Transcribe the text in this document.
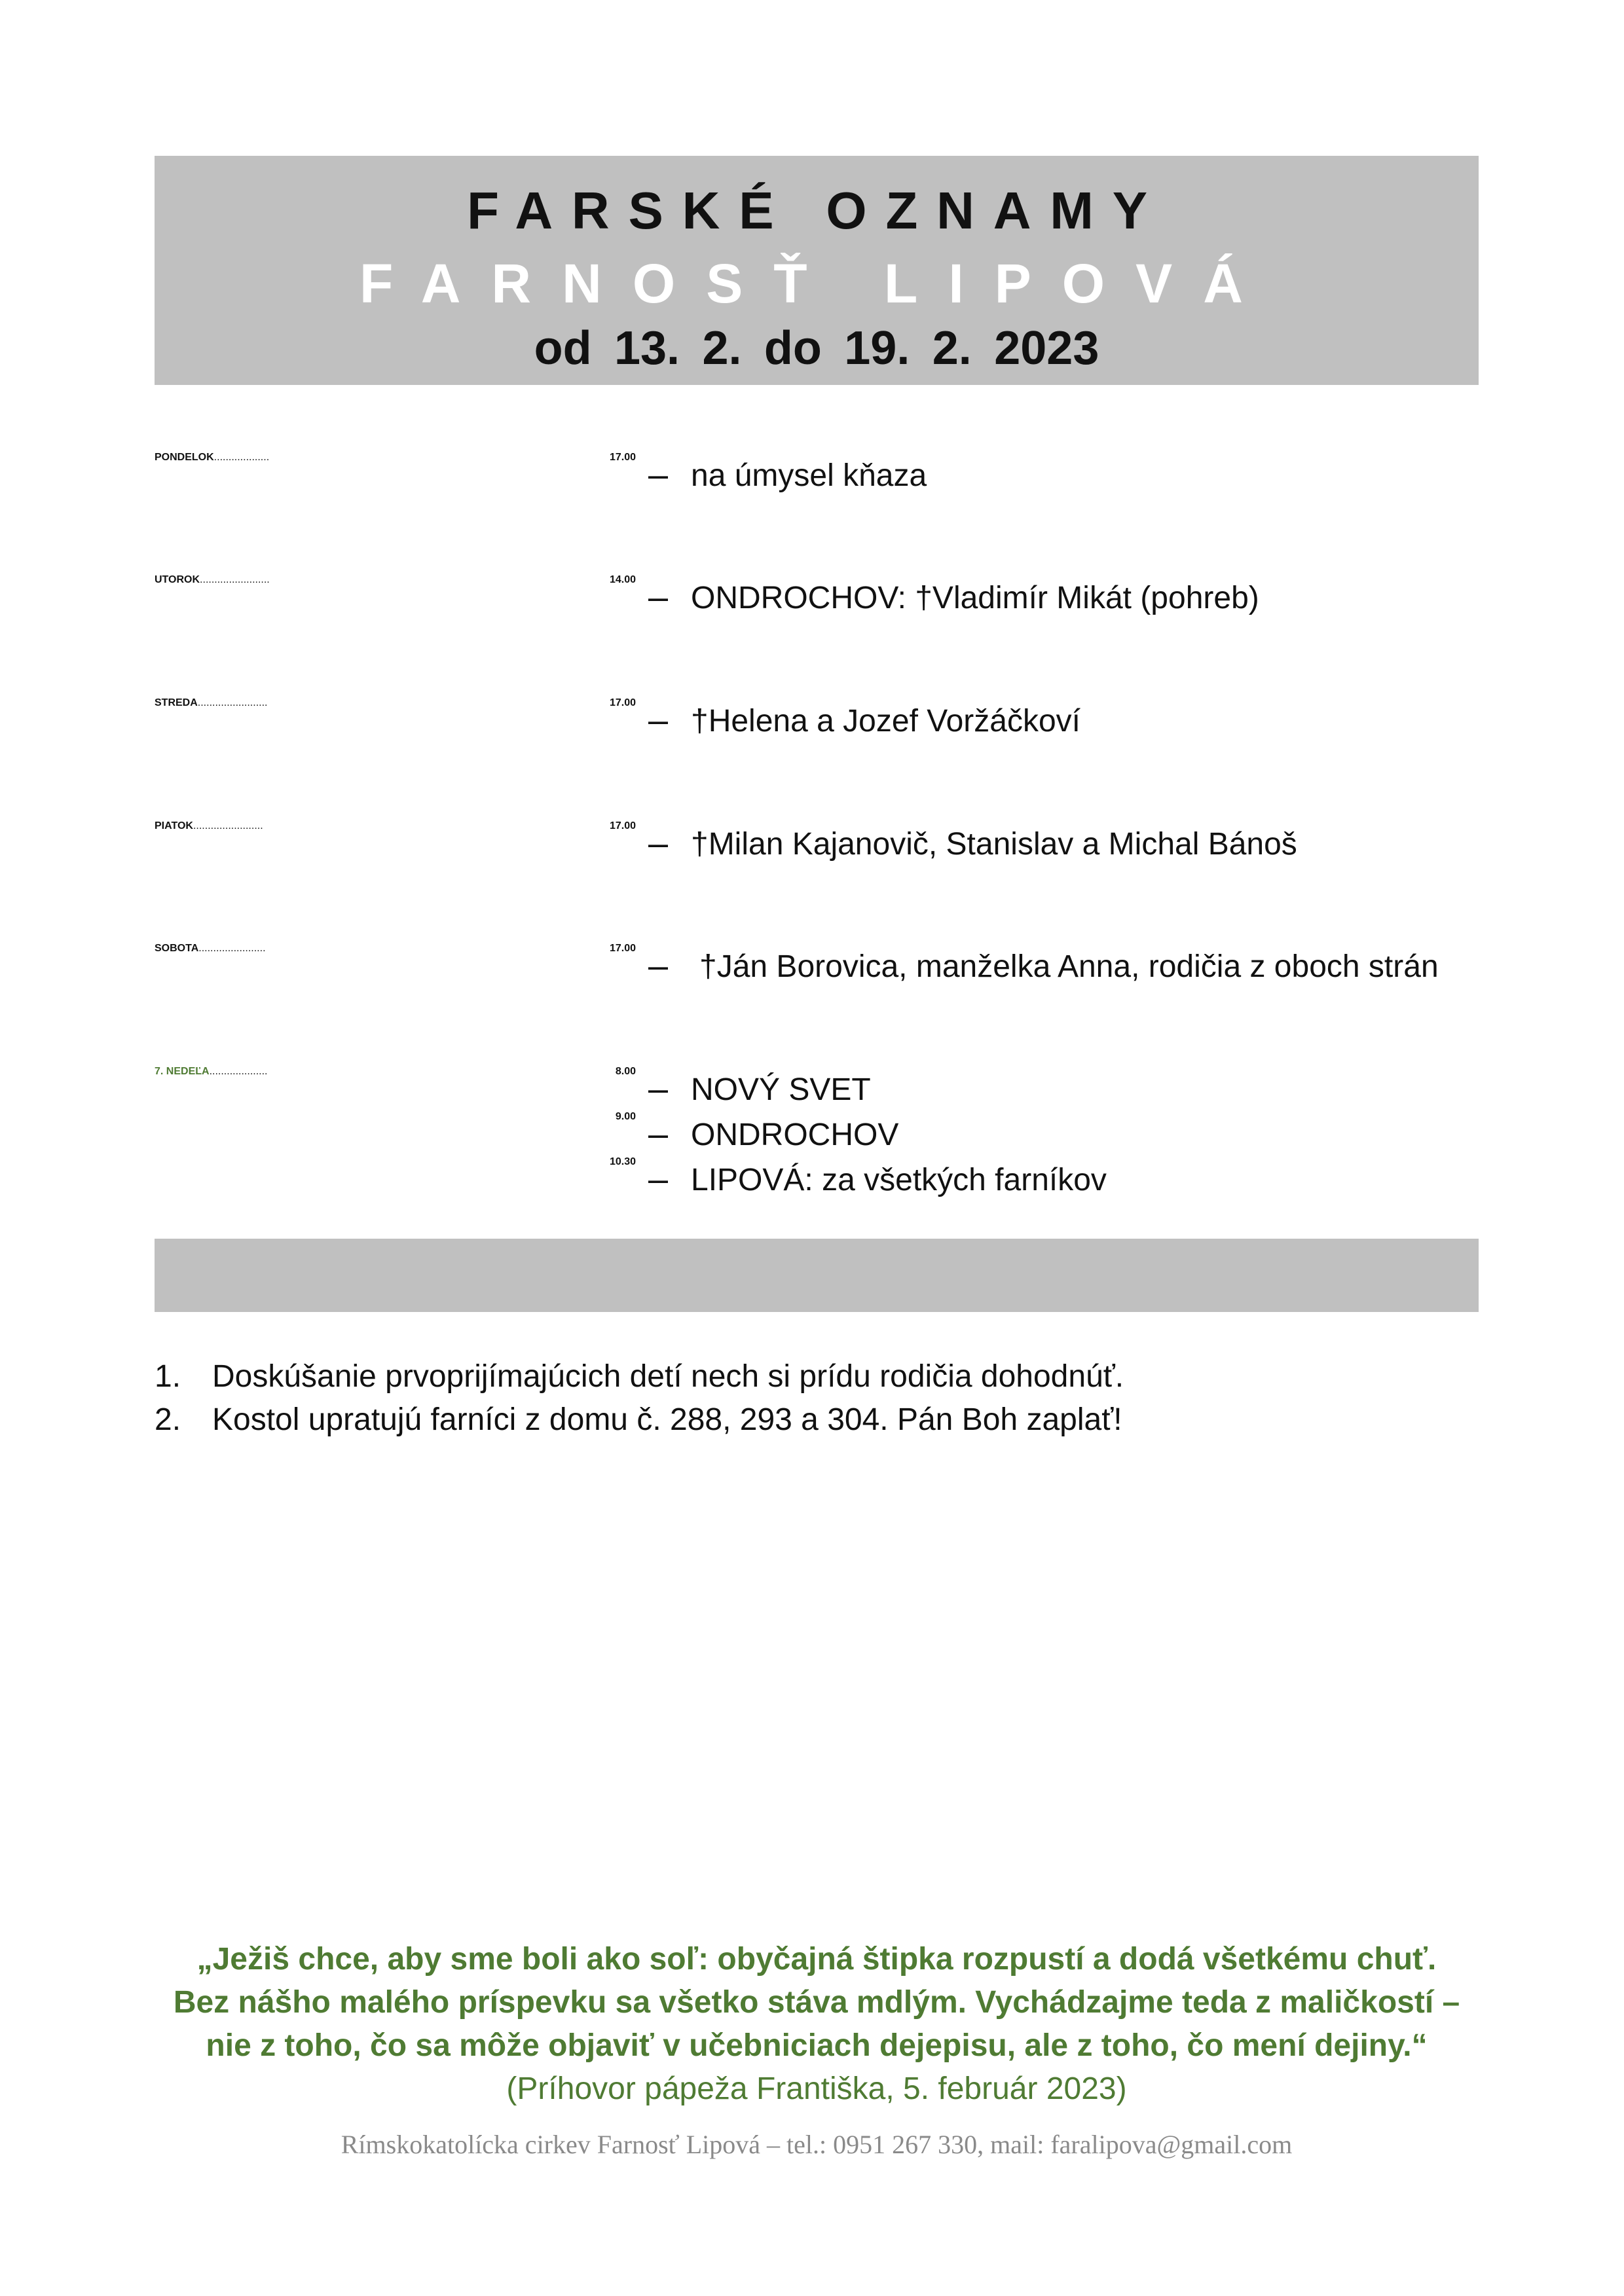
FARSKÉ OZNAMY
FARNOSŤ LIPOVÁ
od 13. 2. do 19. 2. 2023
PONDELOK...................	17.00 – na úmysel kňaza
UTOROK........................	14.00 – ONDROCHOV: †Vladimír Mikát (pohreb)
STREDA........................	17.00 – †Helena a Jozef Voržáčkoví
PIATOK........................	17.00 – †Milan Kajanovič, Stanislav a Michal Bánoš
SOBOTA.......................	17.00 – †Ján Borovica, manželka Anna, rodičia z oboch strán
7. NEDEĽA....................	8.00 – NOVÝ SVET
9.00 – ONDROCHOV
10.30 – LIPOVÁ: za všetkých farníkov
1. Doskúšanie prvoprijímajúcich detí nech si prídu rodičia dohodnúť.
2. Kostol upratujú farníci z domu č. 288, 293 a 304. Pán Boh zaplať!
„Ježiš chce, aby sme boli ako soľ: obyčajná štipka rozpustí a dodá všetkému chuť.
Bez nášho malého príspevku sa všetko stáva mdlým. Vychádzajme teda z maličkostí –
nie z toho, čo sa môže objaviť v učebniciach dejepisu, ale z toho, čo mení dejiny.“
(Príhovor pápeža Františka, 5. február 2023)
Rímskokatolícka cirkev Farnosť Lipová – tel.: 0951 267 330, mail: faralipova@gmail.com
